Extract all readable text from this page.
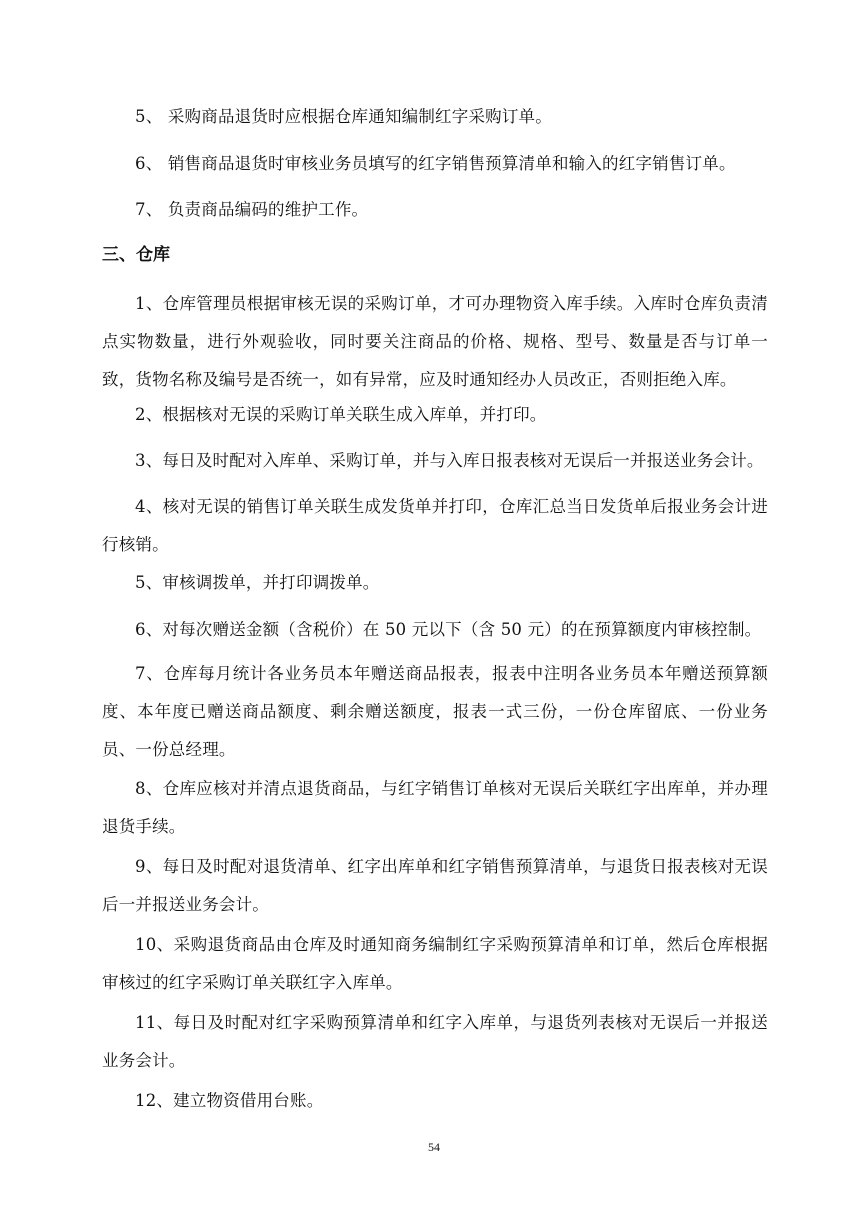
5、 采购商品退货时应根据仓库通知编制红字采购订单。

6、 销售商品退货时审核业务员填写的红字销售预算清单和输入的红字销售订单。

7、 负责商品编码的维护工作。

三、仓库

1、仓库管理员根据审核无误的采购订单，才可办理物资入库手续。入库时仓库负责清点实物数量，进行外观验收，同时要关注商品的价格、规格、型号、数量是否与订单一致，货物名称及编号是否统一，如有异常，应及时通知经办人员改正，否则拒绝入库。

2、根据核对无误的采购订单关联生成入库单，并打印。

3、每日及时配对入库单、采购订单，并与入库日报表核对无误后一并报送业务会计。

4、核对无误的销售订单关联生成发货单并打印，仓库汇总当日发货单后报业务会计进行核销。

5、审核调拨单，并打印调拨单。

6、对每次赠送金额（含税价）在 50 元以下（含 50 元）的在预算额度内审核控制。

7、仓库每月统计各业务员本年赠送商品报表，报表中注明各业务员本年赠送预算额度、本年度已赠送商品额度、剩余赠送额度，报表一式三份，一份仓库留底、一份业务员、一份总经理。

8、仓库应核对并清点退货商品，与红字销售订单核对无误后关联红字出库单，并办理退货手续。

9、每日及时配对退货清单、红字出库单和红字销售预算清单，与退货日报表核对无误后一并报送业务会计。

10、采购退货商品由仓库及时通知商务编制红字采购预算清单和订单，然后仓库根据审核过的红字采购订单关联红字入库单。

11、每日及时配对红字采购预算清单和红字入库单，与退货列表核对无误后一并报送业务会计。

12、建立物资借用台账。

54
